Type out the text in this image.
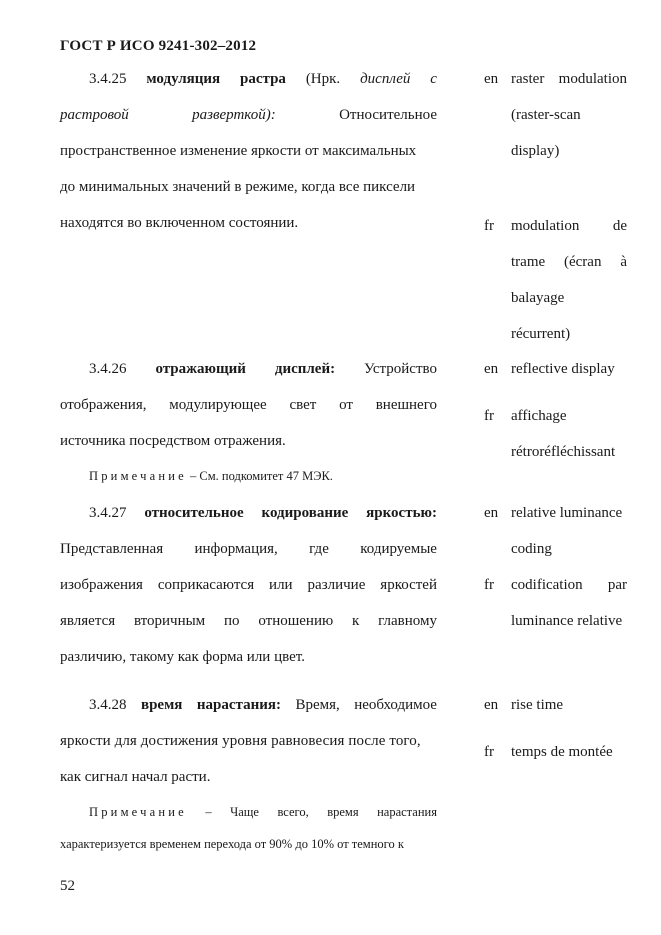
ГОСТ Р ИСО 9241-302–2012
3.4.25 модуляция растра (Нрк. дисплей с
растровой	разверткой):	Относительное
пространственное изменение яркости от максимальных
до минимальных значений в режиме, когда все пиксели
находятся во включенном состоянии.
en raster modulation
(raster-scan
display)
fr	modulation de
trame (écran à
balayage
récurrent)
3.4.26 отражающий дисплей: Устройство
отображения, модулирующее свет от внешнего
источника посредством отражения.
Примечание – См. подкомитет 47 МЭК.
en reflective display
fr	affichage
rétroréfléchissant
3.4.27 относительное кодирование яркостью:
Представленная информация, где кодируемые
изображения соприкасаются или различие яркостей
является вторичным по отношению к главному
различию, такому как форма или цвет.
en relative luminance
coding
fr	codification par
luminance relative
3.4.28 время нарастания: Время, необходимое
яркости для достижения уровня равновесия после того,
как сигнал начал расти.
Примечание – Чаще всего, время нарастания
характеризуется временем перехода от 90% до 10% от темного к
en rise time
fr	temps de montée
52
